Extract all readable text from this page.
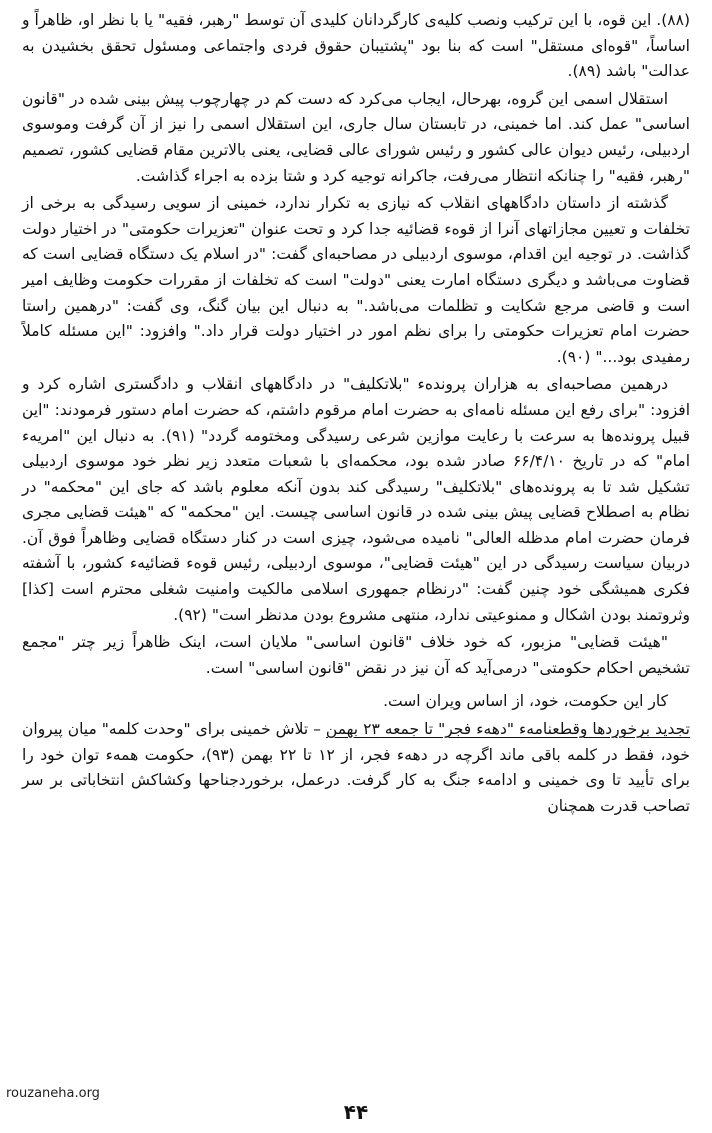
(۸۸). این قوه، با این ترکیب ونصب کلیه‌ی کارگردانان کلیدی آن توسط "رهبر، فقیه" یا با نظر او، ظاهراً و اساساً، "قوه‌ای مستقل" است که بنا بود "پشتیبان حقوق فردی واجتماعی ومسئول تحقق بخشیدن به عدالت" باشد (۸۹).

استقلال اسمی این گروه، بهرحال، ایجاب می‌کرد که دست کم در چهارچوب پیش بینی شده در "قانون اساسی" عمل کند. اما خمینی، در تابستان سال جاری، این استقلال اسمی را نیز از آن گرفت وموسوی اردبیلی، رئیس دیوان عالی کشور و رئیس شورای عالی قضایی، یعنی بالاترین مقام قضایی کشور، تصمیم "رهبر، فقیه" را چنانکه انتظار می‌رفت، جاکرانه توجیه کرد و شتا بزده به اجراء گذاشت.

گذشته از داستان دادگاههای انقلاب که نیازی به تکرار ندارد، خمینی از سویی رسیدگی به برخی از تخلفات و تعیین مجازاتهای آنرا از قوه‌ء قضائیه جدا کرد و تحت عنوان "تعزیرات حکومتی" در اختیار دولت گذاشت. در توجیه این اقدام، موسوی اردبیلی در مصاحبه‌ای گفت: "در اسلام یک دستگاه قضایی است که قضاوت می‌باشد و دیگری دستگاه امارت یعنی "دولت" است که تخلفات از مقررات حکومت وظایف امیر است و قاضی مرجع شکایت و تظلمات می‌باشد." به دنبال این بیان گنگ، وی گفت: "درهمین راستا حضرت امام تعزیرات حکومتی را برای نظم امور در اختیار دولت قرار داد." وافزود: "این مسئله کاملاً رمفیدی بود..." (۹۰).

درهمین مصاحبه‌ای به هزاران پرونده‌ء "بلاتکلیف" در دادگاههای انقلاب و دادگستری اشاره کرد و افزود: "برای رفع این مسئله نامه‌ای به حضرت امام مرقوم داشتم، که حضرت امام دستور فرمودند: "این قبیل پرونده‌ها به سرعت با رعایت موازین شرعی رسیدگی ومختومه گردد" (۹۱). به دنبال این "امریه‌ء امام" که در تاریخ ۶۶/۴/۱۰ صادر شده بود، محکمه‌ای با شعبات متعدد زیر نظر خود موسوی اردبیلی تشکیل شد تا به پرونده‌های "بلاتکلیف" رسیدگی کند بدون آنکه معلوم باشد که جای این "محکمه" در نظام به اصطلاح قضایی پیش بینی شده در قانون اساسی چیست. این "محکمه" که "هیئت قضایی مجری فرمان حضرت امام مدظله العالی" نامیده می‌شود، چیزی است در کنار دستگاه قضایی وظاهراً فوق آن. دربیان سیاست رسیدگی در این "هیئت قضایی"، موسوی اردبیلی، رئیس قوه‌ء قضائیه‌ء کشور، با آشفته فکری همیشگی خود چنین گفت: "درنظام جمهوری اسلامی مالکیت وامنیت شغلی محترم است [کذا] وثروتمند بودن اشکال و ممنوعیتی ندارد، منتهی مشروع بودن مدنظر است" (۹۲).

"هیئت قضایی" مزبور، که خود خلاف "قانون اساسی" ملایان است، اینک ظاهراً زیر چتر "مجمع تشخیص احکام حکومتی" درمی‌آید که آن نیز در نقض "قانون اساسی" است.

کار این حکومت، خود، از اساس ویران است.

تجدید برخوردها وقطعنامه‌ء "دهه‌ء فجر" تا جمعه ۲۳ بهمن – تلاش خمینی برای "وحدت کلمه" میان پیروان خود، فقط در کلمه باقی ماند اگرچه در دهه‌ء فجر، از ۱۲ تا ۲۲ بهمن (۹۳)، حکومت همه‌ء توان خود را برای تأیید تا وی خمینی و ادامه‌ء جنگ به کار گرفت. درعمل، برخوردجناحها وکشاکش انتخاباتی بر سر تصاحب قدرت همچنان

rouzaneha.org
۴۴
